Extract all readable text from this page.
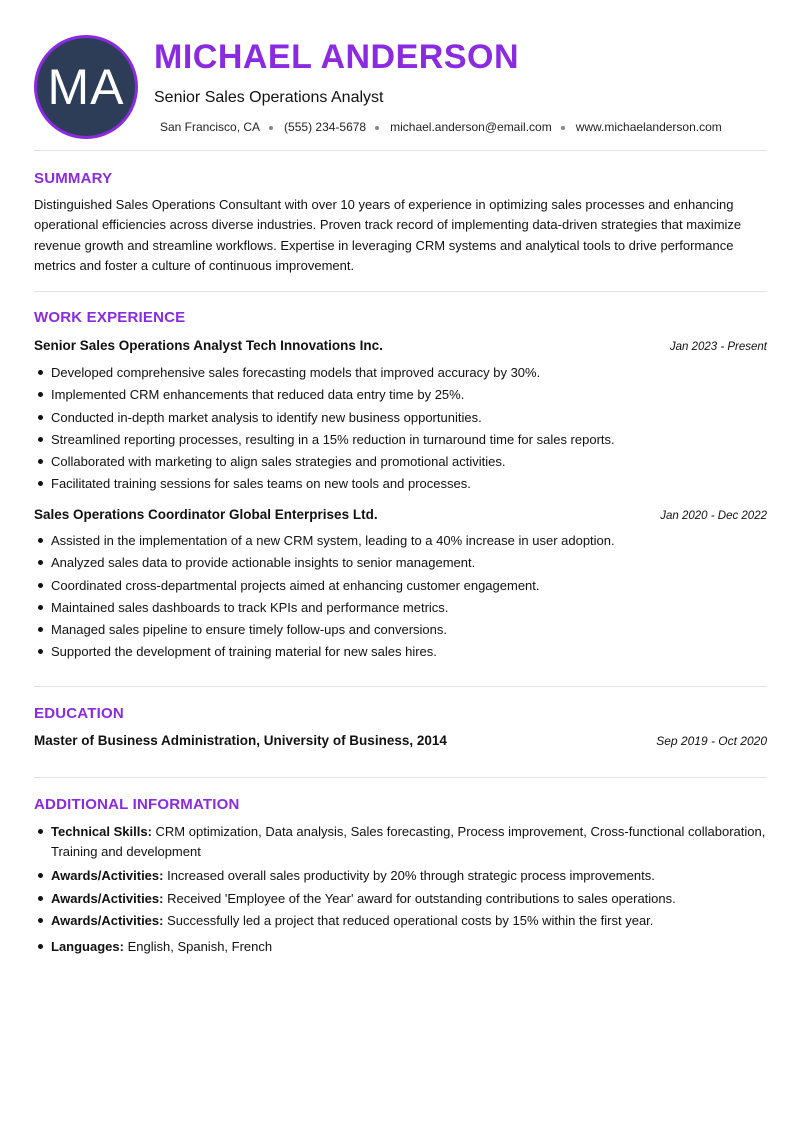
MA
MICHAEL ANDERSON
Senior Sales Operations Analyst
San Francisco, CA (555) 234-5678 michael.anderson@email.com www.michaelanderson.com
SUMMARY
Distinguished Sales Operations Consultant with over 10 years of experience in optimizing sales processes and enhancing operational efficiencies across diverse industries. Proven track record of implementing data-driven strategies that maximize revenue growth and streamline workflows. Expertise in leveraging CRM systems and analytical tools to drive performance metrics and foster a culture of continuous improvement.
WORK EXPERIENCE
Senior Sales Operations Analyst Tech Innovations Inc.	Jan 2023 - Present
Developed comprehensive sales forecasting models that improved accuracy by 30%.
Implemented CRM enhancements that reduced data entry time by 25%.
Conducted in-depth market analysis to identify new business opportunities.
Streamlined reporting processes, resulting in a 15% reduction in turnaround time for sales reports.
Collaborated with marketing to align sales strategies and promotional activities.
Facilitated training sessions for sales teams on new tools and processes.
Sales Operations Coordinator Global Enterprises Ltd.	Jan 2020 - Dec 2022
Assisted in the implementation of a new CRM system, leading to a 40% increase in user adoption.
Analyzed sales data to provide actionable insights to senior management.
Coordinated cross-departmental projects aimed at enhancing customer engagement.
Maintained sales dashboards to track KPIs and performance metrics.
Managed sales pipeline to ensure timely follow-ups and conversions.
Supported the development of training material for new sales hires.
EDUCATION
Master of Business Administration, University of Business, 2014	Sep 2019 - Oct 2020
ADDITIONAL INFORMATION
Technical Skills: CRM optimization, Data analysis, Sales forecasting, Process improvement, Cross-functional collaboration, Training and development
Awards/Activities: Increased overall sales productivity by 20% through strategic process improvements.
Awards/Activities: Received 'Employee of the Year' award for outstanding contributions to sales operations.
Awards/Activities: Successfully led a project that reduced operational costs by 15% within the first year.
Languages: English, Spanish, French
